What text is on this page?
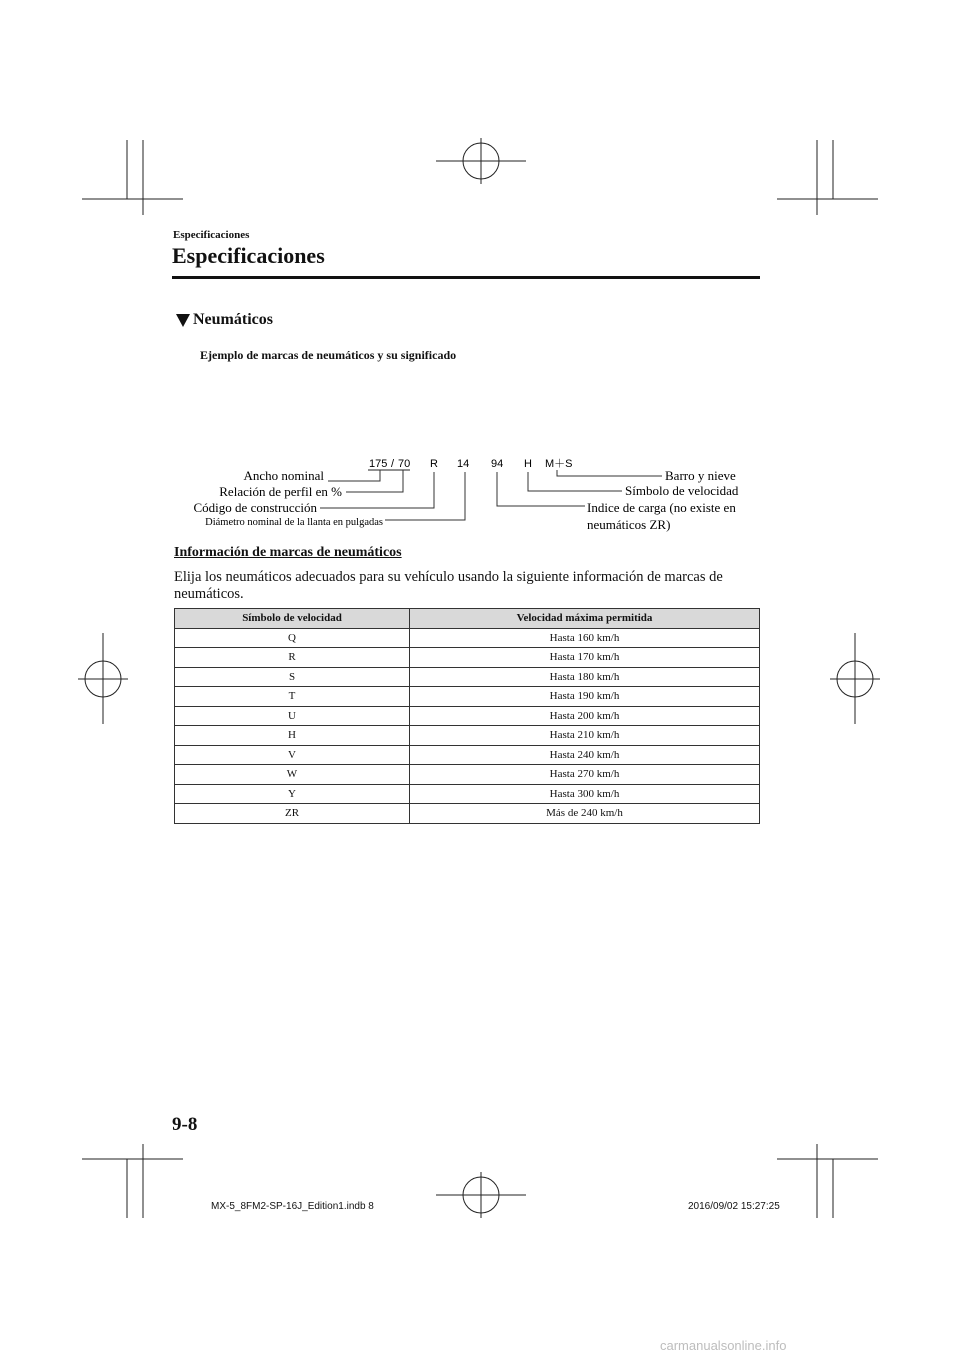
Especificaciones
Especificaciones
Neumáticos
Ejemplo de marcas de neumáticos y su significado
175 / 70 R 14 94 H M＋S
Ancho nominal
Relación de perfil en %
Código de construcción
Diámetro nominal de la llanta en pulgadas
Barro y nieve
Símbolo de velocidad
Indice de carga (no existe en
neumáticos ZR)
Información de marcas de neumáticos
Elija los neumáticos adecuados para su vehículo usando la siguiente información de marcas de neumáticos.
Símbolo de velocidad	Velocidad máxima permitida
Q	Hasta 160 km/h
R	Hasta 170 km/h
S	Hasta 180 km/h
T	Hasta 190 km/h
U	Hasta 200 km/h
H	Hasta 210 km/h
V	Hasta 240 km/h
W	Hasta 270 km/h
Y	Hasta 300 km/h
ZR	Más de 240 km/h
9-8
MX-5_8FM2-SP-16J_Edition1.indb 8	2016/09/02 15:27:25
carmanualsonline.info
